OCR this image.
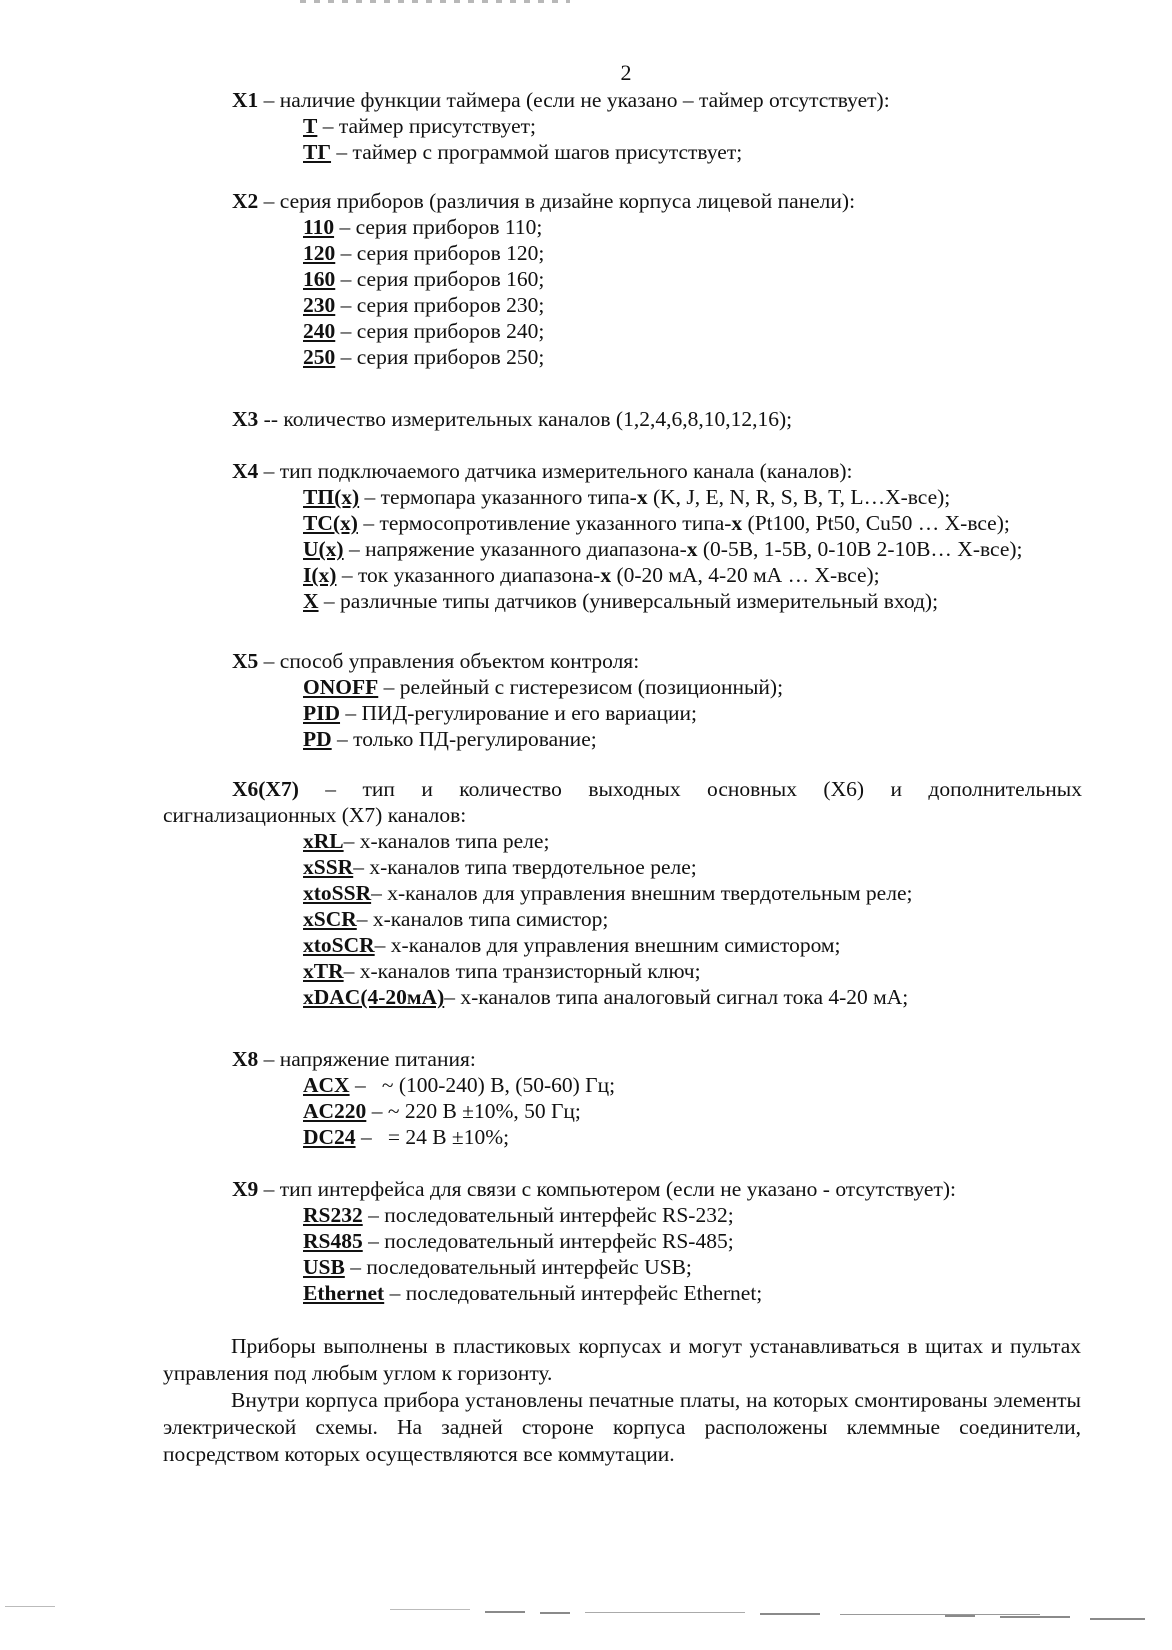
2
X1 – наличие функции таймера (если не указано – таймер отсутствует):
T – таймер присутствует;
TГ – таймер с программой шагов присутствует;
X2 – серия приборов (различия в дизайне корпуса лицевой панели):
110 – серия приборов 110;
120 – серия приборов 120;
160 – серия приборов 160;
230 – серия приборов 230;
240 – серия приборов 240;
250 – серия приборов 250;
X3 -- количество измерительных каналов (1,2,4,6,8,10,12,16);
X4 – тип подключаемого датчика измерительного канала (каналов):
ТП(x) – термопара указанного типа-x (K, J, E, N, R, S, B, T, L…X-все);
ТС(x) – термосопротивление указанного типа-x (Pt100, Pt50, Cu50 … X-все);
U(x) – напряжение указанного диапазона-x (0-5В, 1-5В, 0-10В 2-10В… X-все);
I(x) – ток указанного диапазона-x (0-20 мА, 4-20 мА … X-все);
X – различные типы датчиков (универсальный измерительный вход);
X5 – способ управления объектом контроля:
ONOFF – релейный с гистерезисом (позиционный);
PID – ПИД-регулирование и его вариации;
PD – только ПД-регулирование;
X6(X7) – тип и количество выходных основных (X6) и дополнительных
сигнализационных (X7) каналов:
xRL– x-каналов типа реле;
xSSR– x-каналов типа твердотельное реле;
xtoSSR– x-каналов для управления внешним твердотельным реле;
xSCR– x-каналов типа симистор;
xtoSCR– x-каналов для управления внешним симистором;
xTR– x-каналов типа транзисторный ключ;
xDAC(4-20мА)– x-каналов типа аналоговый сигнал тока 4-20 мА;
X8 – напряжение питания:
ACX –   ~ (100-240) В, (50-60) Гц;
AC220 – ~ 220 В ±10%, 50 Гц;
DC24 –   = 24 В ±10%;
X9 – тип интерфейса для связи с компьютером (если не указано - отсутствует):
RS232 – последовательный интерфейс RS-232;
RS485 – последовательный интерфейс RS-485;
USB – последовательный интерфейс USB;
Ethernet – последовательный интерфейс Ethernet;
Приборы выполнены в пластиковых корпусах и могут устанавливаться в щитах и пультах управления под любым углом к горизонту.
Внутри корпуса прибора установлены печатные платы, на которых смонтированы элементы электрической схемы. На задней стороне корпуса расположены клеммные соединители, посредством которых осуществляются все коммутации.
